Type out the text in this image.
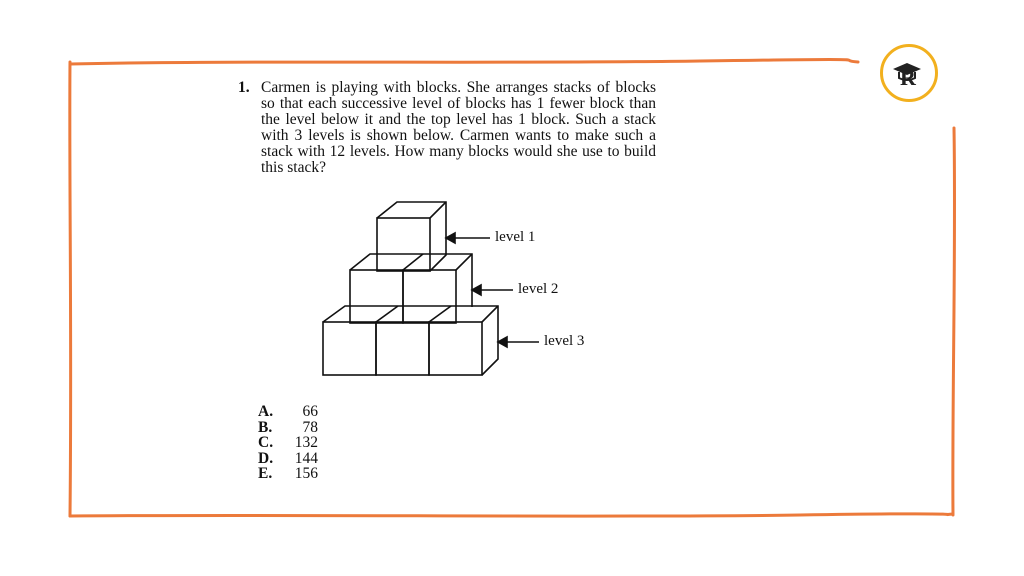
R
1. Carmen is playing with blocks. She arranges stacks of blocks so that each successive level of blocks has 1 fewer block than the level below it and the top level has 1 block. Such a stack with 3 levels is shown below. Carmen wants to make such a stack with 12 levels. How many blocks would she use to build this stack?
level 1
level 2
level 3
A.	66
B.	78
C.	132
D.	144
E.	156
